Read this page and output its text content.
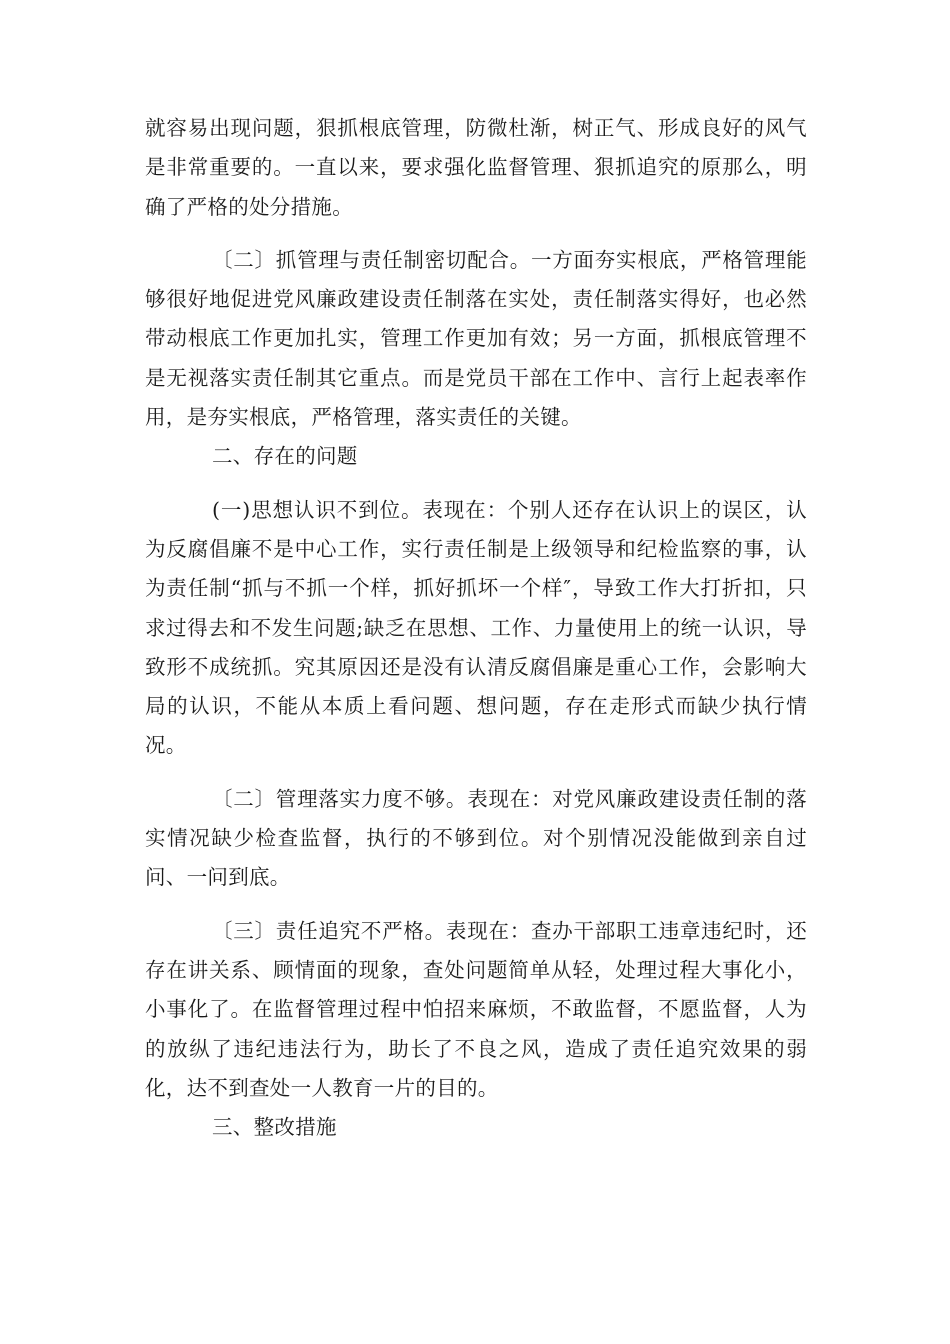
就容易出现问题，狠抓根底管理，防微杜渐，树正气、形成良好的风气是非常重要的。一直以来，要求强化监督管理、狠抓追究的原那么，明确了严格的处分措施。

〔二〕抓管理与责任制密切配合。一方面夯实根底，严格管理能够很好地促进党风廉政建设责任制落在实处，责任制落实得好，也必然带动根底工作更加扎实，管理工作更加有效；另一方面，抓根底管理不是无视落实责任制其它重点。而是党员干部在工作中、言行上起表率作用，是夯实根底，严格管理，落实责任的关键。

二、存在的问题

(一)思想认识不到位。表现在：个别人还存在认识上的误区，认为反腐倡廉不是中心工作，实行责任制是上级领导和纪检监察的事，认为责任制“抓与不抓一个样，抓好抓坏一个样″，导致工作大打折扣，只求过得去和不发生问题;缺乏在思想、工作、力量使用上的统一认识，导致形不成统抓。究其原因还是没有认清反腐倡廉是重心工作，会影响大局的认识，不能从本质上看问题、想问题，存在走形式而缺少执行情况。

〔二〕管理落实力度不够。表现在：对党风廉政建设责任制的落实情况缺少检查监督，执行的不够到位。对个别情况没能做到亲自过问、一问到底。

〔三〕责任追究不严格。表现在：查办干部职工违章违纪时，还存在讲关系、顾情面的现象，查处问题简单从轻，处理过程大事化小，小事化了。在监督管理过程中怕招来麻烦，不敢监督，不愿监督，人为的放纵了违纪违法行为，助长了不良之风，造成了责任追究效果的弱化，达不到查处一人教育一片的目的。

三、整改措施
